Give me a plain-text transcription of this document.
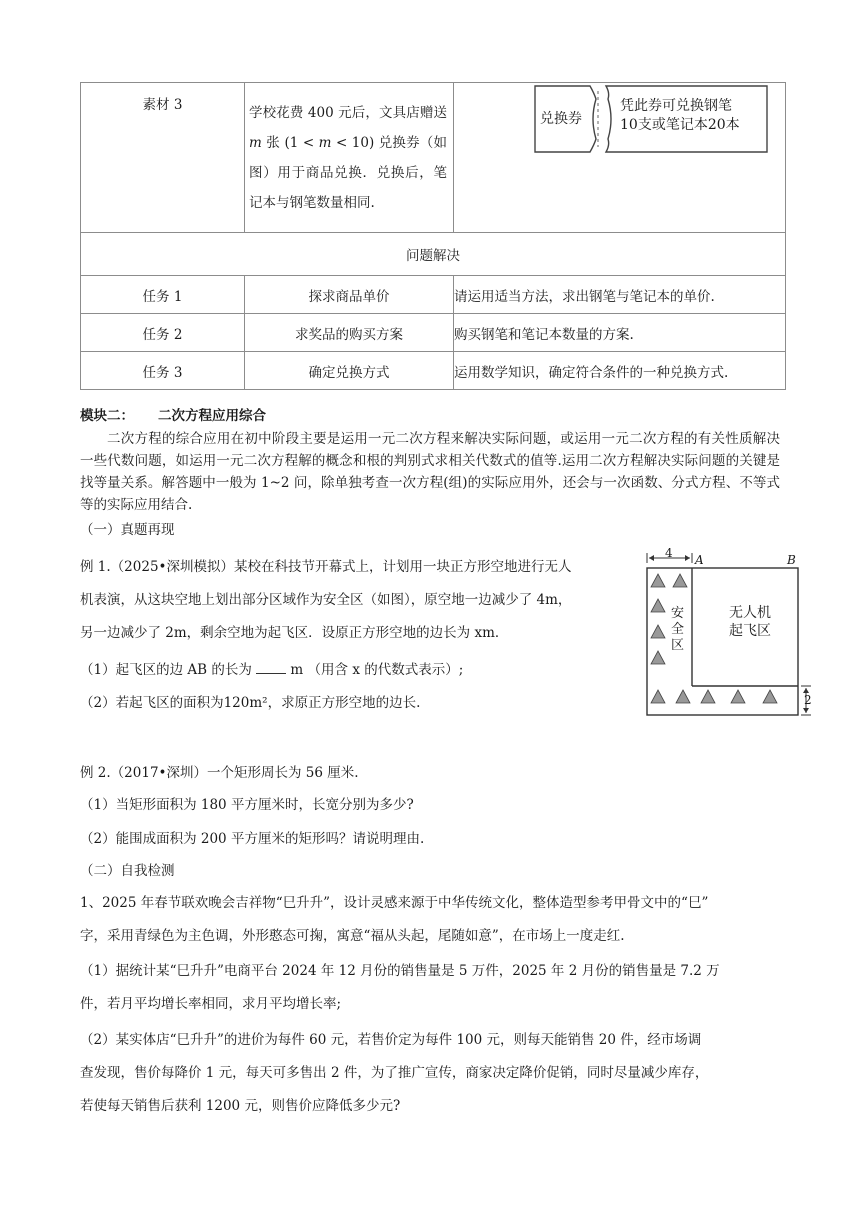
素材 3	学校花费 400 元后，文具店赠送 m 张 (1 < m < 10) 兑换券（如图）用于商品兑换．兑换后，笔记本与钢笔数量相同.	兑换券
凭此券可兑换钢笔
10支或笔记本20本

问题解决		
任务 1	探求商品单价	请运用适当方法，求出钢笔与笔记本的单价.
任务 2	求奖品的购买方案	购买钢笔和笔记本数量的方案.
任务 3	确定兑换方式	运用数学知识，确定符合条件的一种兑换方式.
模块二： 二次方程应用综合
二次方程的综合应用在初中阶段主要是运用一元二次方程来解决实际问题，或运用一元二次方程的有关性质解决一些代数问题，如运用一元二次方程解的概念和根的判别式求相关代数式的值等.运用二次方程解决实际问题的关键是找等量关系。解答题中一般为 1~2 问，除单独考查一次方程(组)的实际应用外，还会与一次函数、分式方程、不等式等的实际应用结合.
（一）真题再现
例 1.（2025•深圳模拟）某校在科技节开幕式上，计划用一块正方形空地进行无人
机表演，从这块空地上划出部分区域作为安全区（如图），原空地一边减少了 4m，
另一边减少了 2m，剩余空地为起飞区．设原正方形空地的边长为 xm．
（1）起飞区的边 AB 的长为  m （用含 x 的代数式表示）;
（2）若起飞区的面积为120m²，求原正方形空地的边长.
4 A	B
安全区
无人机
起飞区
2
例 2.（2017•深圳）一个矩形周长为 56 厘米.
（1）当矩形面积为 180 平方厘米时，长宽分别为多少?
（2）能围成面积为 200 平方厘米的矩形吗？请说明理由.
（二）自我检测
1、2025 年春节联欢晚会吉祥物“巳升升”，设计灵感来源于中华传统文化，整体造型参考甲骨文中的“巳”
字，采用青绿色为主色调，外形憨态可掬，寓意“福从头起，尾随如意”，在市场上一度走红.
（1）据统计某“巳升升”电商平台 2024 年 12 月份的销售量是 5 万件，2025 年 2 月份的销售量是 7.2 万
件，若月平均增长率相同，求月平均增长率;
（2）某实体店“巳升升”的进价为每件 60 元，若售价定为每件 100 元，则每天能销售 20 件，经市场调
查发现，售价每降价 1 元，每天可多售出 2 件，为了推广宣传，商家决定降价促销，同时尽量减少库存，
若使每天销售后获利 1200 元，则售价应降低多少元?
